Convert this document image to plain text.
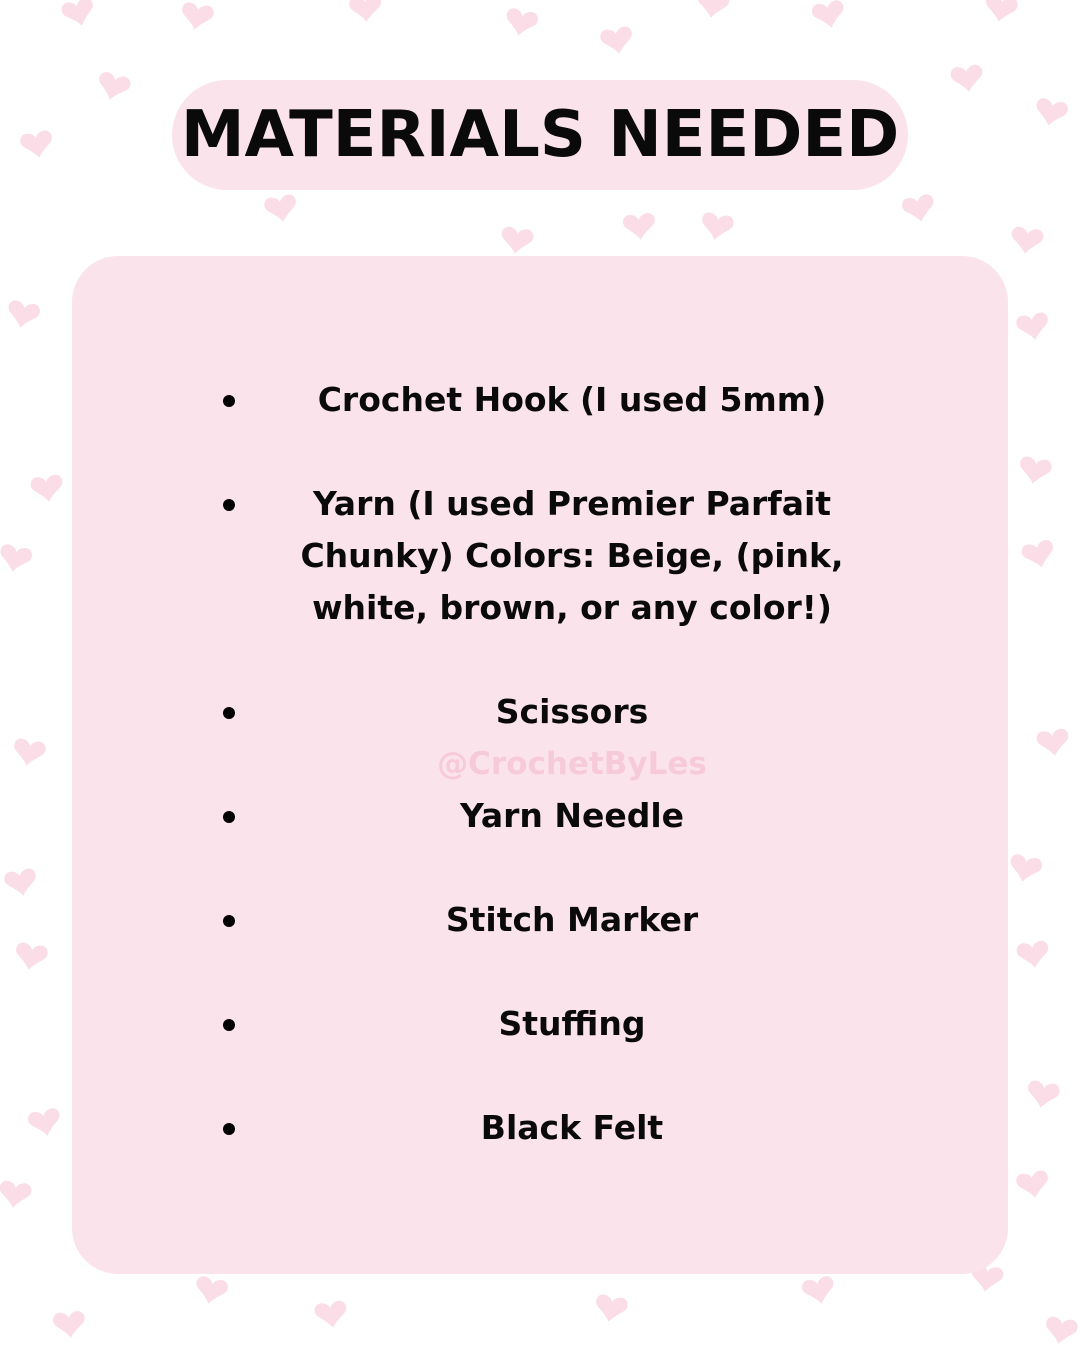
MATERIALS NEEDED
Crochet Hook (I used 5mm)
Yarn (I used Premier Parfait Chunky) Colors: Beige, (pink, white, brown, or any color!)
Scissors
@CrochetByLes
Yarn Needle
Stitch Marker
Stuffing
Black Felt
